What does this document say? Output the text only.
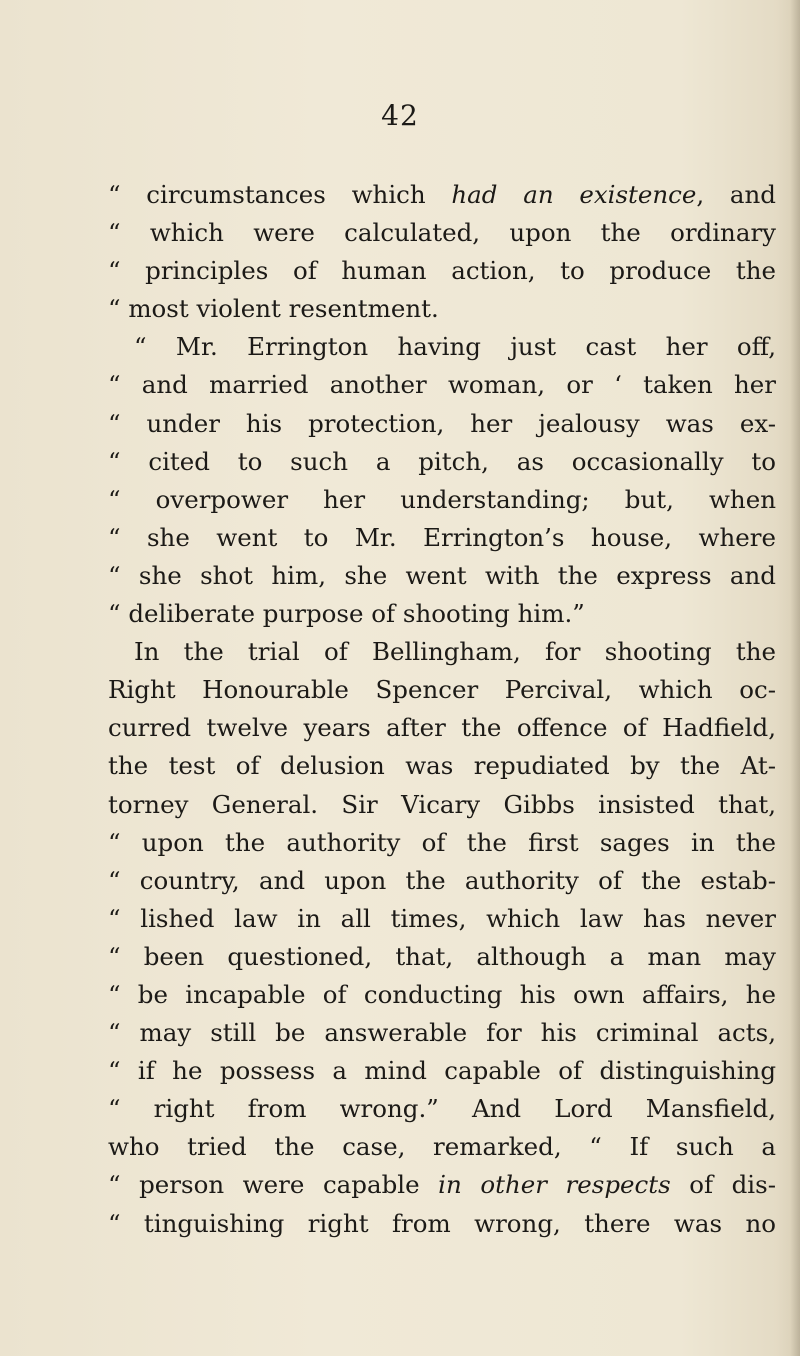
42
“ circumstances which had an existence, and
“ which were calculated, upon the ordinary
“ principles of human action, to produce the
“ most violent resentment.
“ Mr. Errington having just cast her off,
“ and married another woman, or ‘ taken her
“ under his protection, her jealousy was ex-
“ cited to such a pitch, as occasionally to
“ overpower her understanding; but, when
“ she went to Mr. Errington’s house, where
“ she shot him, she went with the express and
“ deliberate purpose of shooting him.”
In the trial of Bellingham, for shooting the
Right Honourable Spencer Percival, which oc-
curred twelve years after the offence of Hadfield,
the test of delusion was repudiated by the At-
torney General. Sir Vicary Gibbs insisted that,
“ upon the authority of the first sages in the
“ country, and upon the authority of the estab-
“ lished law in all times, which law has never
“ been questioned, that, although a man may
“ be incapable of conducting his own affairs, he
“ may still be answerable for his criminal acts,
“ if he possess a mind capable of distinguishing
“ right from wrong.” And Lord Mansfield,
who tried the case, remarked, “ If such a
“ person were capable in other respects of dis-
“ tinguishing right from wrong, there was no
